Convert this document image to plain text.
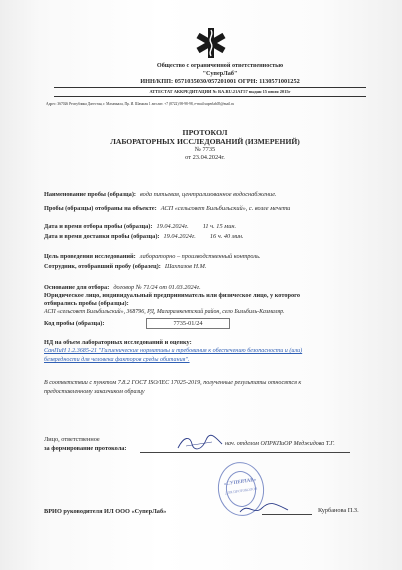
Общество с ограниченной ответственностью
"СуперЛаб"
ИНН/КПП: 0571035030/057201001 ОГРН: 1130571001252
АТТЕСТАТ АККРЕДИТАЦИИ № RA.RU.21АГ57 выдан 15 июля 2015г
Адрес: 367026 Республика Дагестан, г. Махачкала, Пр. И. Шамиля 1 лит.лит. +7 (8722) 98-98-98, e-mail:superlab05@mail.ru
ПРОТОКОЛ
ЛАБОРАТОРНЫХ ИССЛЕДОВАНИЙ (ИЗМЕРЕНИЙ)
№ 7735
от 23.04.2024г.
Наименование пробы (образца): вода питьевая, централизованное водоснабжение.
Пробы (образцы) отобраны на объекте: АСП «сельсовет Бильбильский», с. возле мечети
Дата и время отбора пробы (образца): 19.04.2024г. 11 ч. 15 мин.
Дата и время доставки пробы (образца): 19.04.2024г. 16 ч. 40 мин.
Цель проведения исследований: лабораторно – производственный контроль.
Сотрудник, отобравший пробу (образец): Шахпазов Н.М.
Основание для отбора: договор № 71/24 от 01.03.2024г.
Юридическое лицо, индивидуальный предприниматель или физическое лицо, у которого
отбирались пробы (образцы):
АСП «сельсовет Бильбильский», 368796, РД, Магарамкентский район, село Бильбиль-Казмаляр.
Код пробы (образца):	7735-01/24
НД на объем лабораторных исследований и оценку:
СанПиН 1.2.3685-21 "Гигиенические нормативы и требования к обеспечению безопасности и (или)
безвредности для человека факторов среды обитания".
В соответствии с пунктом 7.8.2 ГОСТ ISO/IEC 17025-2019, полученные результаты относятся к
предоставленному заказчиком образцу
Лицо, ответственное
за формирование протокола:
нач. отделом ОПРКПиОР Меджидова Т.Г.
«СУПЕРЛАБ»
ДЛЯ ПРОТОКОЛОВ
ВРИО руководителя ИЛ ООО «СуперЛаб»	Курбанова П.З.
